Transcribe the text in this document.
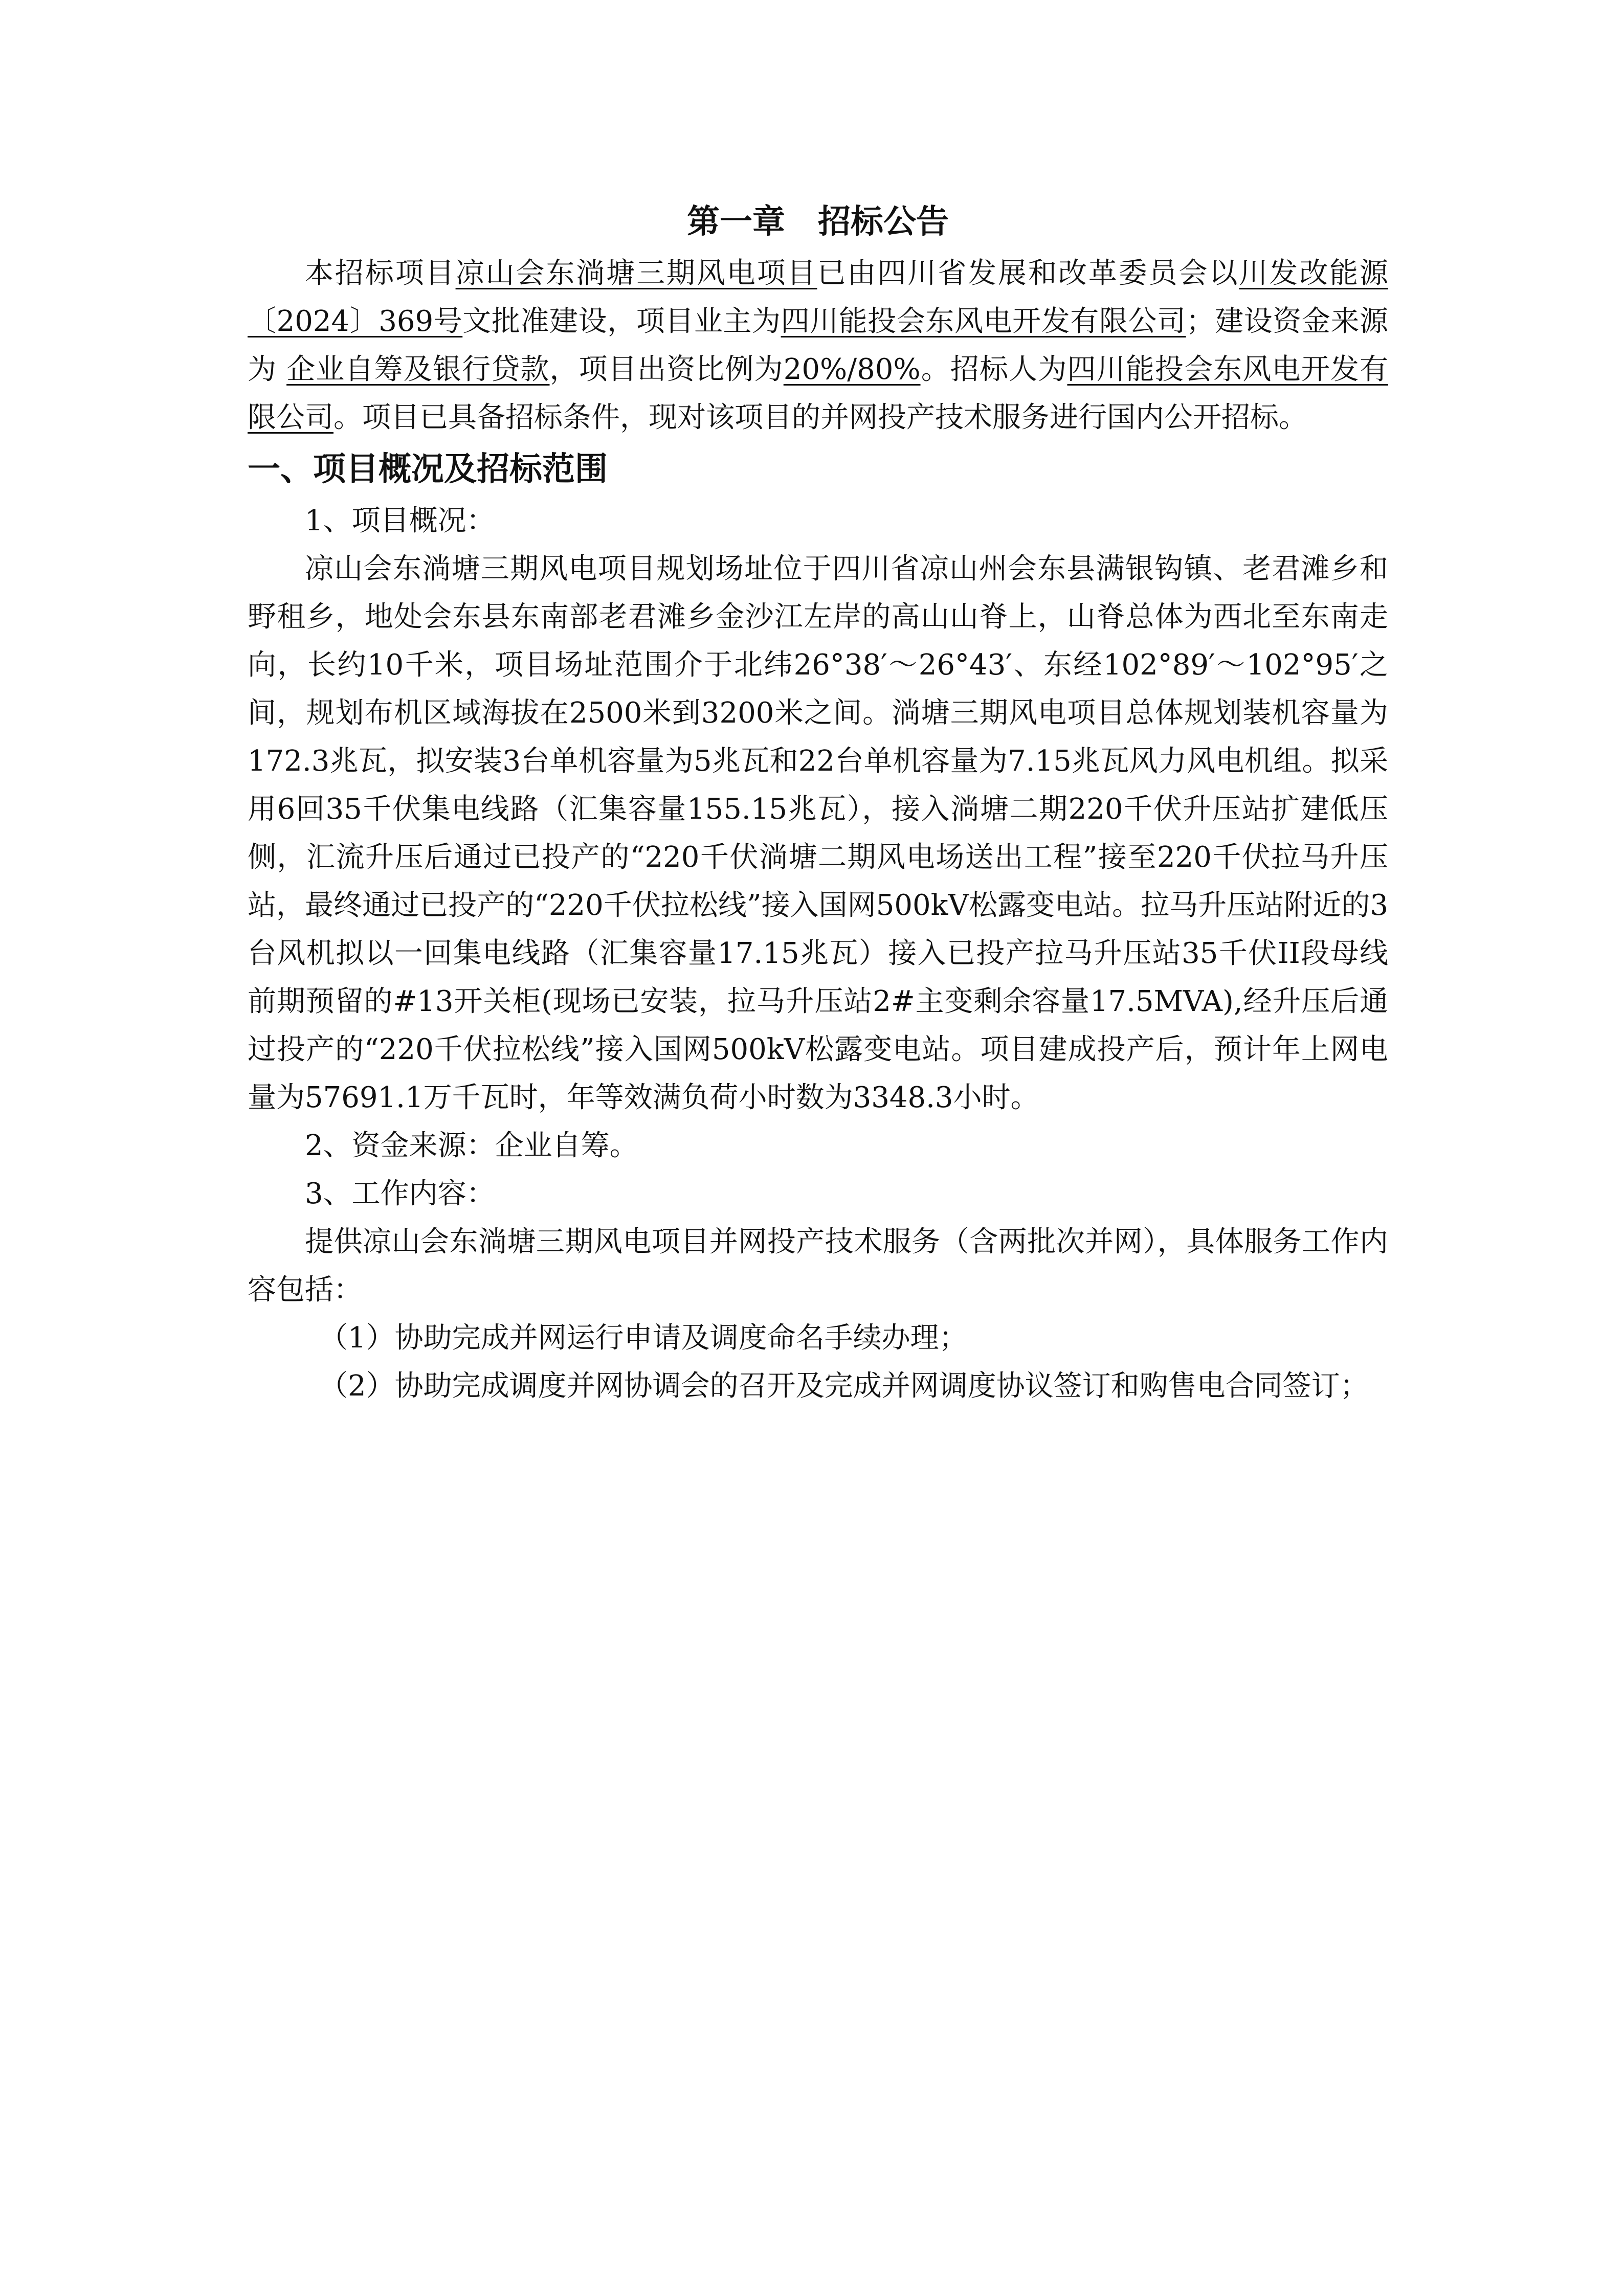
第一章　招标公告

本招标项目凉山会东淌塘三期风电项目已由四川省发展和改革委员会以川发改能源〔2024〕369号文批准建设，项目业主为四川能投会东风电开发有限公司；建设资金来源为 企业自筹及银行贷款，项目出资比例为20%/80%。招标人为四川能投会东风电开发有限公司。项目已具备招标条件，现对该项目的并网投产技术服务进行国内公开招标。

一、项目概况及招标范围

1、项目概况：

凉山会东淌塘三期风电项目规划场址位于四川省凉山州会东县满银钩镇、老君滩乡和野租乡，地处会东县东南部老君滩乡金沙江左岸的高山山脊上，山脊总体为西北至东南走向，长约10千米，项目场址范围介于北纬26°38′～26°43′、东经102°89′～102°95′之间，规划布机区域海拔在2500米到3200米之间。淌塘三期风电项目总体规划装机容量为172.3兆瓦，拟安装3台单机容量为5兆瓦和22台单机容量为7.15兆瓦风力风电机组。拟采用6回35千伏集电线路（汇集容量155.15兆瓦），接入淌塘二期220千伏升压站扩建低压侧，汇流升压后通过已投产的“220千伏淌塘二期风电场送出工程”接至220千伏拉马升压站，最终通过已投产的“220千伏拉松线”接入国网500kV松露变电站。拉马升压站附近的3台风机拟以一回集电线路（汇集容量17.15兆瓦）接入已投产拉马升压站35千伏II段母线前期预留的#13开关柜(现场已安装，拉马升压站2#主变剩余容量17.5MVA),经升压后通过投产的“220千伏拉松线”接入国网500kV松露变电站。项目建成投产后，预计年上网电量为57691.1万千瓦时，年等效满负荷小时数为3348.3小时。

2、资金来源：企业自筹。

3、工作内容：

提供凉山会东淌塘三期风电项目并网投产技术服务（含两批次并网），具体服务工作内容包括：

（1）协助完成并网运行申请及调度命名手续办理；

（2）协助完成调度并网协调会的召开及完成并网调度协议签订和购售电合同签订；
